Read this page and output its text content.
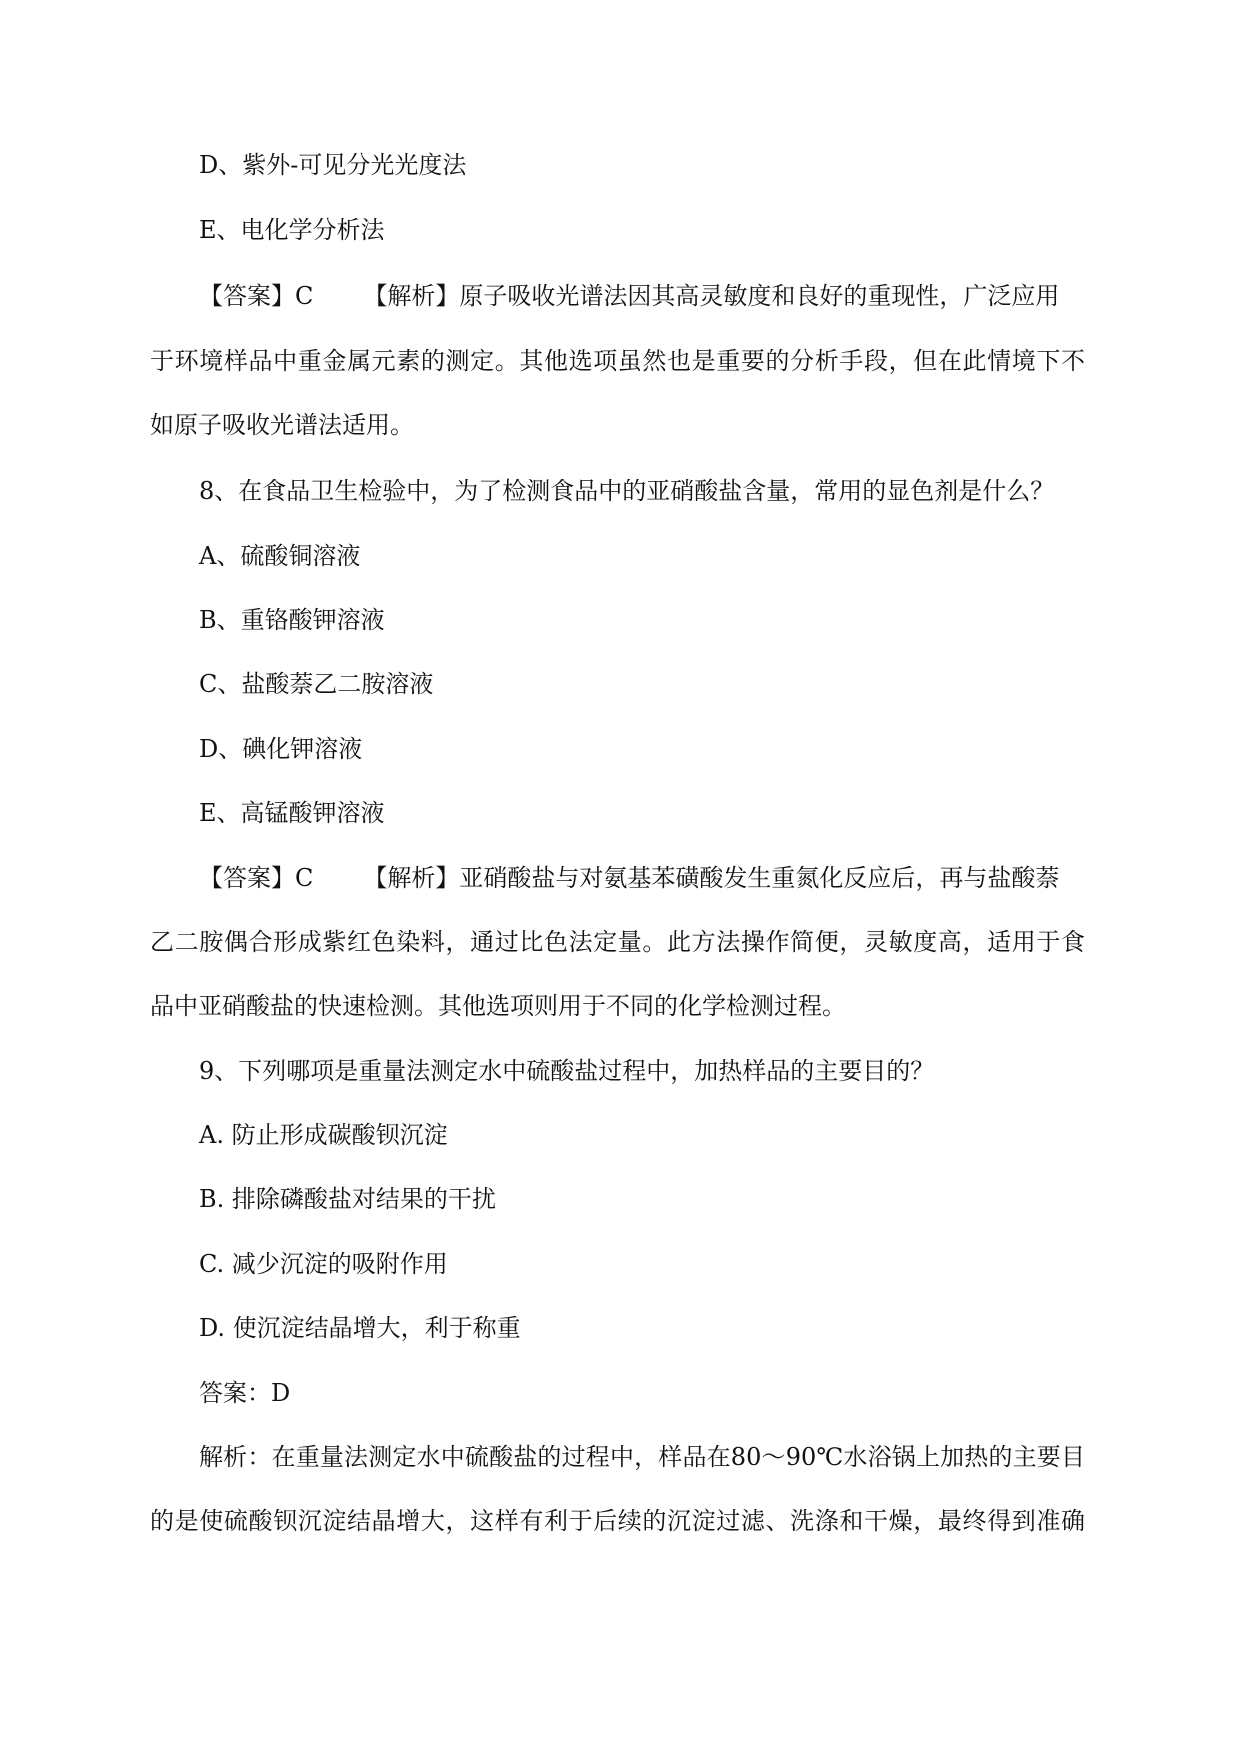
D、紫外-可见分光光度法
E、电化学分析法
【答案】C 【解析】原子吸收光谱法因其高灵敏度和良好的重现性，广泛应用
于环境样品中重金属元素的测定。其他选项虽然也是重要的分析手段，但在此情境下不
如原子吸收光谱法适用。
8、在食品卫生检验中，为了检测食品中的亚硝酸盐含量，常用的显色剂是什么？
A、硫酸铜溶液
B、重铬酸钾溶液
C、盐酸萘乙二胺溶液
D、碘化钾溶液
E、高锰酸钾溶液
【答案】C 【解析】亚硝酸盐与对氨基苯磺酸发生重氮化反应后，再与盐酸萘
乙二胺偶合形成紫红色染料，通过比色法定量。此方法操作简便，灵敏度高，适用于食
品中亚硝酸盐的快速检测。其他选项则用于不同的化学检测过程。
9、下列哪项是重量法测定水中硫酸盐过程中，加热样品的主要目的？
A. 防止形成碳酸钡沉淀
B. 排除磷酸盐对结果的干扰
C. 减少沉淀的吸附作用
D. 使沉淀结晶增大，利于称重
答案：D
解析：在重量法测定水中硫酸盐的过程中，样品在80～90℃水浴锅上加热的主要目
的是使硫酸钡沉淀结晶增大，这样有利于后续的沉淀过滤、洗涤和干燥，最终得到准确
